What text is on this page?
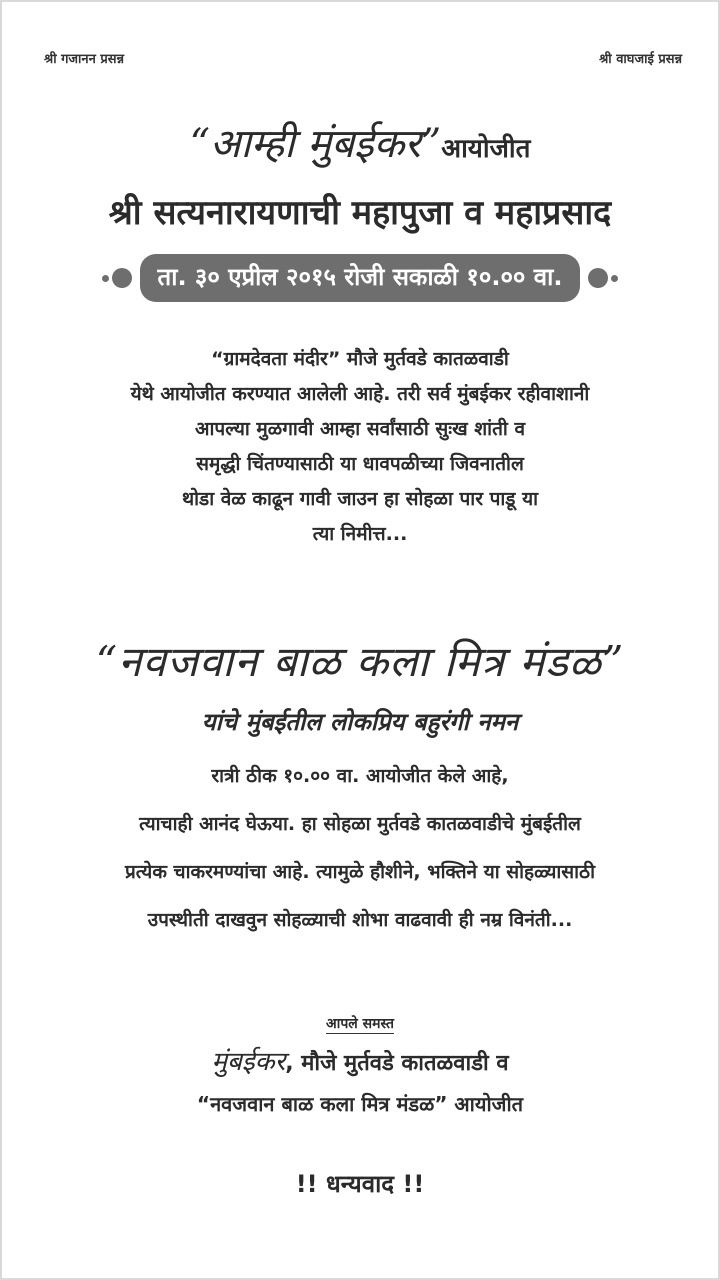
श्री गजानन प्रसन्न	श्री वाघजाई प्रसन्न
“आम्ही मुंबईकर”आयोजीत
श्री सत्यनारायणाची महापुजा व महाप्रसाद
ता. ३० एप्रील २०१५ रोजी सकाळी १०.०० वा.
“ग्रामदेवता मंदीर” मौजे मुर्तवडे कातळवाडी
येथे आयोजीत करण्यात आलेली आहे. तरी सर्व मुंबईकर रहीवाशानी
आपल्या मुळगावी आम्हा सर्वांसाठी सुःख शांती व
समृद्धी चिंतण्यासाठी या धावपळीच्या जिवनातील
थोडा वेळ काढून गावी जाउन हा सोहळा पार पाडू या
त्या निमीत्त...
“नवजवान बाळ कला मित्र मंडळ”
यांचे मुंबईतील लोकप्रिय बहुरंगी नमन
रात्री ठीक १०.०० वा. आयोजीत केले आहे,
त्याचाही आनंद घेऊया. हा सोहळा मुर्तवडे कातळवाडीचे मुंबईतील
प्रत्येक चाकरमण्यांचा आहे. त्यामुळे हौशीने, भक्तिने या सोहळ्यासाठी
उपस्थीती दाखवुन सोहळ्याची शोभा वाढवावी ही नम्र विनंती...
आपले समस्त
मुंबईकर, मौजे मुर्तवडे कातळवाडी व
“नवजवान बाळ कला मित्र मंडळ” आयोजीत
!! धन्यवाद !!
